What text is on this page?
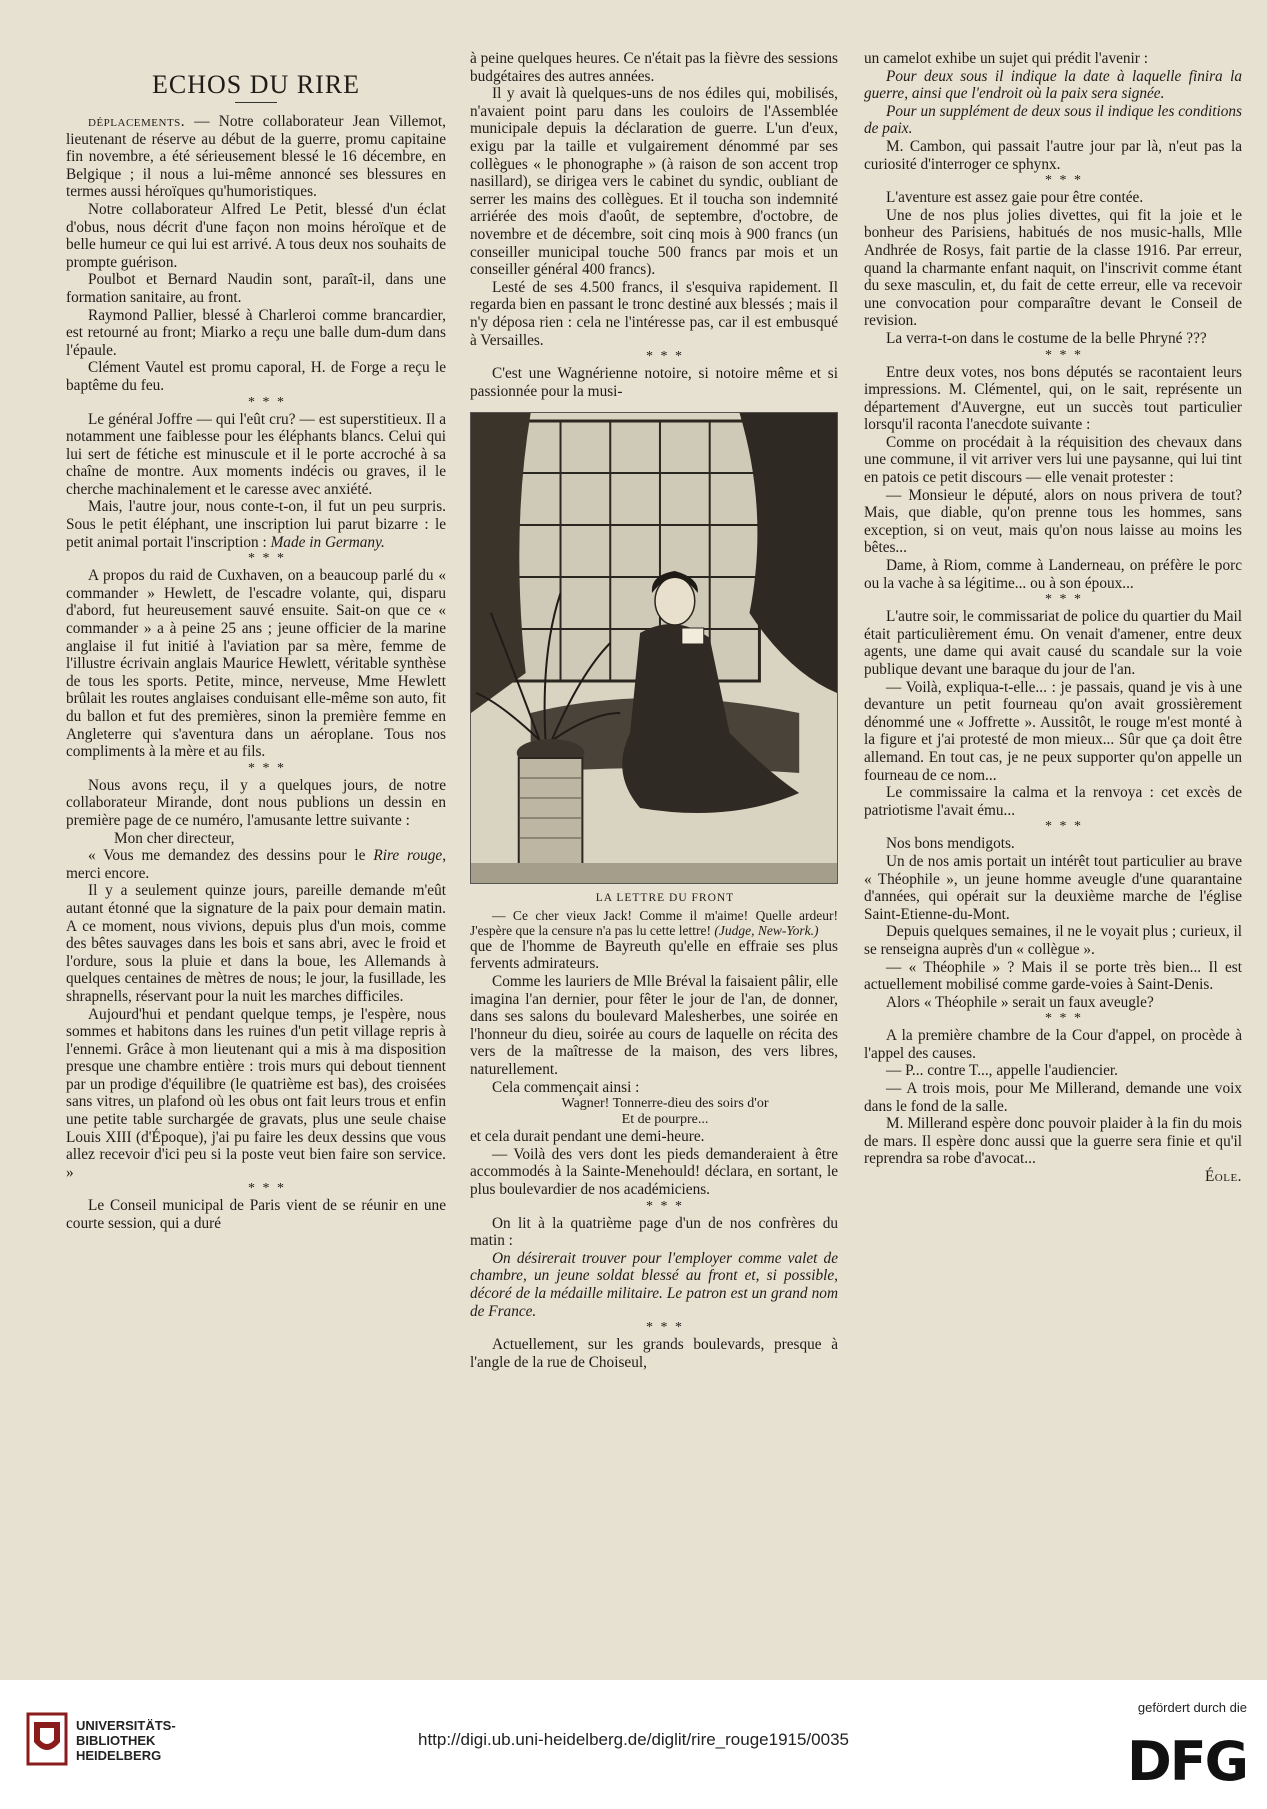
ECHOS DU RIRE

déplacements. — Notre collaborateur Jean Villemot, lieutenant de réserve au début de la guerre, promu capitaine fin novembre, a été sérieusement blessé le 16 décembre, en Belgique ; il nous a lui-même annoncé ses blessures en termes aussi héroïques qu'humoristiques.

Notre collaborateur Alfred Le Petit, blessé d'un éclat d'obus, nous décrit d'une façon non moins héroïque et de belle humeur ce qui lui est arrivé. A tous deux nos souhaits de prompte guérison.

Poulbot et Bernard Naudin sont, paraît-il, dans une formation sanitaire, au front.

Raymond Pallier, blessé à Charleroi comme brancardier, est retourné au front; Miarko a reçu une balle dum-dum dans l'épaule.

Clément Vautel est promu caporal, H. de Forge a reçu le baptême du feu.

* * *

Le général Joffre — qui l'eût cru? — est superstitieux. Il a notamment une faiblesse pour les éléphants blancs. Celui qui lui sert de fétiche est minuscule et il le porte accroché à sa chaîne de montre. Aux moments indécis ou graves, il le cherche machinalement et le caresse avec anxiété.

Mais, l'autre jour, nous conte-t-on, il fut un peu surpris. Sous le petit éléphant, une inscription lui parut bizarre : le petit animal portait l'inscription : Made in Germany.

* * *

A propos du raid de Cuxhaven, on a beaucoup parlé du « commander » Hewlett, de l'escadre volante, qui, disparu d'abord, fut heureusement sauvé ensuite. Sait-on que ce « commander » a à peine 25 ans ; jeune officier de la marine anglaise il fut initié à l'aviation par sa mère, femme de l'illustre écrivain anglais Maurice Hewlett, véritable synthèse de tous les sports. Petite, mince, nerveuse, Mme Hewlett brûlait les routes anglaises conduisant elle-même son auto, fit du ballon et fut des premières, sinon la première femme en Angleterre qui s'aventura dans un aéroplane. Tous nos compliments à la mère et au fils.

* * *

Nous avons reçu, il y a quelques jours, de notre collaborateur Mirande, dont nous publions un dessin en première page de ce numéro, l'amusante lettre suivante :

Mon cher directeur,

« Vous me demandez des dessins pour le Rire rouge, merci encore.

Il y a seulement quinze jours, pareille demande m'eût autant étonné que la signature de la paix pour demain matin. A ce moment, nous vivions, depuis plus d'un mois, comme des bêtes sauvages dans les bois et sans abri, avec le froid et l'ordure, sous la pluie et dans la boue, les Allemands à quelques centaines de mètres de nous; le jour, la fusillade, les shrapnells, réservant pour la nuit les marches difficiles.

Aujourd'hui et pendant quelque temps, je l'espère, nous sommes et habitons dans les ruines d'un petit village repris à l'ennemi. Grâce à mon lieutenant qui a mis à ma disposition presque une chambre entière : trois murs qui debout tiennent par un prodige d'équilibre (le quatrième est bas), des croisées sans vitres, un plafond où les obus ont fait leurs trous et enfin une petite table surchargée de gravats, plus une seule chaise Louis XIII (d'Époque), j'ai pu faire les deux dessins que vous allez recevoir d'ici peu si la poste veut bien faire son service. »

* * *

Le Conseil municipal de Paris vient de se réunir en une courte session, qui a duré

à peine quelques heures. Ce n'était pas la fièvre des sessions budgétaires des autres années.

Il y avait là quelques-uns de nos édiles qui, mobilisés, n'avaient point paru dans les couloirs de l'Assemblée municipale depuis la déclaration de guerre. L'un d'eux, exigu par la taille et vulgairement dénommé par ses collègues « le phonographe » (à raison de son accent trop nasillard), se dirigea vers le cabinet du syndic, oubliant de serrer les mains des collègues. Et il toucha son indemnité arriérée des mois d'août, de septembre, d'octobre, de novembre et de décembre, soit cinq mois à 900 francs (un conseiller municipal touche 500 francs par mois et un conseiller général 400 francs).

Lesté de ses 4.500 francs, il s'esquiva rapidement. Il regarda bien en passant le tronc destiné aux blessés ; mais il n'y déposa rien : cela ne l'intéresse pas, car il est embusqué à Versailles.

* * *

C'est une Wagnérienne notoire, si notoire même et si passionnée pour la musi-

LA LETTRE DU FRONT

— Ce cher vieux Jack! Comme il m'aime! Quelle ardeur! J'espère que la censure n'a pas lu cette lettre! (Judge, New-York.)

que de l'homme de Bayreuth qu'elle en effraie ses plus fervents admirateurs.

Comme les lauriers de Mlle Bréval la faisaient pâlir, elle imagina l'an dernier, pour fêter le jour de l'an, de donner, dans ses salons du boulevard Malesherbes, une soirée en l'honneur du dieu, soirée au cours de laquelle on récita des vers de la maîtresse de la maison, des vers libres, naturellement.

Cela commençait ainsi :

Wagner! Tonnerre-dieu des soirs d'or

Et de pourpre...

et cela durait pendant une demi-heure.

— Voilà des vers dont les pieds demanderaient à être accommodés à la Sainte-Menehould! déclara, en sortant, le plus boulevardier de nos académiciens.

* * *

On lit à la quatrième page d'un de nos confrères du matin :

On désirerait trouver pour l'employer comme valet de chambre, un jeune soldat blessé au front et, si possible, décoré de la médaille militaire. Le patron est un grand nom de France.

* * *

Actuellement, sur les grands boulevards, presque à l'angle de la rue de Choiseul,

un camelot exhibe un sujet qui prédit l'avenir :

Pour deux sous il indique la date à laquelle finira la guerre, ainsi que l'endroit où la paix sera signée.

Pour un supplément de deux sous il indique les conditions de paix.

M. Cambon, qui passait l'autre jour par là, n'eut pas la curiosité d'interroger ce sphynx.

* * *

L'aventure est assez gaie pour être contée.

Une de nos plus jolies divettes, qui fit la joie et le bonheur des Parisiens, habitués de nos music-halls, Mlle Andhrée de Rosys, fait partie de la classe 1916. Par erreur, quand la charmante enfant naquit, on l'inscrivit comme étant du sexe masculin, et, du fait de cette erreur, elle va recevoir une convocation pour comparaître devant le Conseil de revision.

La verra-t-on dans le costume de la belle Phryné ???

* * *

Entre deux votes, nos bons députés se racontaient leurs impressions. M. Clémentel, qui, on le sait, représente un département d'Auvergne, eut un succès tout particulier lorsqu'il raconta l'anecdote suivante :

Comme on procédait à la réquisition des chevaux dans une commune, il vit arriver vers lui une paysanne, qui lui tint en patois ce petit discours — elle venait protester :

— Monsieur le député, alors on nous privera de tout? Mais, que diable, qu'on prenne tous les hommes, sans exception, si on veut, mais qu'on nous laisse au moins les bêtes...

Dame, à Riom, comme à Landerneau, on préfère le porc ou la vache à sa légitime... ou à son époux...

* * *

L'autre soir, le commissariat de police du quartier du Mail était particulièrement ému. On venait d'amener, entre deux agents, une dame qui avait causé du scandale sur la voie publique devant une baraque du jour de l'an.

— Voilà, expliqua-t-elle... : je passais, quand je vis à une devanture un petit fourneau qu'on avait grossièrement dénommé une « Joffrette ». Aussitôt, le rouge m'est monté à la figure et j'ai protesté de mon mieux... Sûr que ça doit être allemand. En tout cas, je ne peux supporter qu'on appelle un fourneau de ce nom...

Le commissaire la calma et la renvoya : cet excès de patriotisme l'avait ému...

* * *

Nos bons mendigots.

Un de nos amis portait un intérêt tout particulier au brave « Théophile », un jeune homme aveugle d'une quarantaine d'années, qui opérait sur la deuxième marche de l'église Saint-Etienne-du-Mont.

Depuis quelques semaines, il ne le voyait plus ; curieux, il se renseigna auprès d'un « collègue ».

— « Théophile » ? Mais il se porte très bien... Il est actuellement mobilisé comme garde-voies à Saint-Denis.

Alors « Théophile » serait un faux aveugle?

* * *

A la première chambre de la Cour d'appel, on procède à l'appel des causes.

— P... contre T..., appelle l'audiencier.

— A trois mois, pour Me Millerand, demande une voix dans le fond de la salle.

M. Millerand espère donc pouvoir plaider à la fin du mois de mars. Il espère donc aussi que la guerre sera finie et qu'il reprendra sa robe d'avocat...

Éole.

UNIVERSITÄTS-
BIBLIOTHEK
HEIDELBERG
http://digi.ub.uni-heidelberg.de/diglit/rire_rouge1915/0035
gefördert durch die
DFG
